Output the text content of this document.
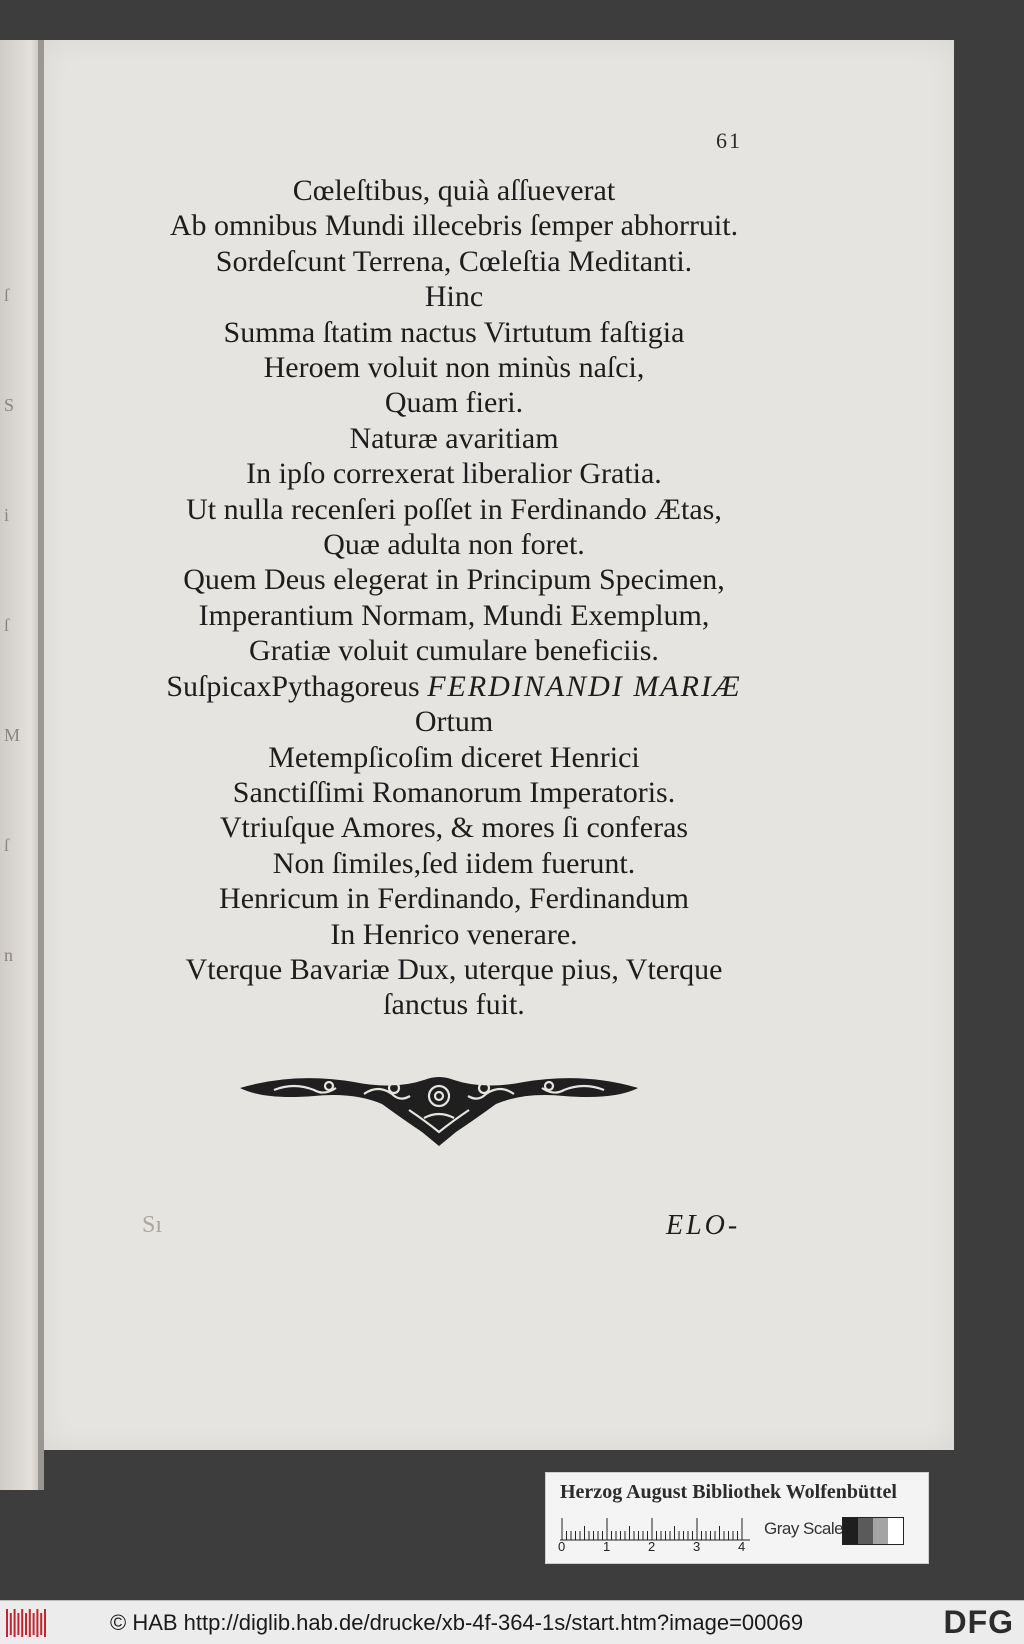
ſ
S
i
ſ
M
ſ
n
61
Cœleſtibus, quià aſſueverat
Ab omnibus Mundi illecebris ſemper abhorruit.
Sordeſcunt Terrena, Cœleſtia Meditanti.
Hinc
Summa ſtatim nactus Virtutum faſtigia
Heroem voluit non minùs naſci,
Quam fieri.
Naturæ avaritiam
In ipſo correxerat liberalior Gratia.
Ut nulla recenſeri poſſet in Ferdinando Ætas,
Quæ adulta non foret.
Quem Deus elegerat in Principum Specimen,
Imperantium Normam, Mundi Exemplum,
Gratiæ voluit cumulare beneficiis.
SuſpicaxPythagoreus FERDINANDI MARIÆ
Ortum
Metempſicoſim diceret Henrici
Sanctiſſimi Romanorum Imperatoris.
Vtriuſque Amores, & mores ſi conferas
Non ſimiles,ſed iidem fuerunt.
Henricum in Ferdinando, Ferdinandum
In Henrico venerare.
Vterque Bavariæ Dux, uterque pius, Vterque
ſanctus fuit.
ELO-
Sı
Herzog August Bibliothek Wolfenbüttel
0	1	2	3	4
Gray Scale
© HAB http://diglib.hab.de/drucke/xb-4f-364-1s/start.htm?image=00069	DFG
